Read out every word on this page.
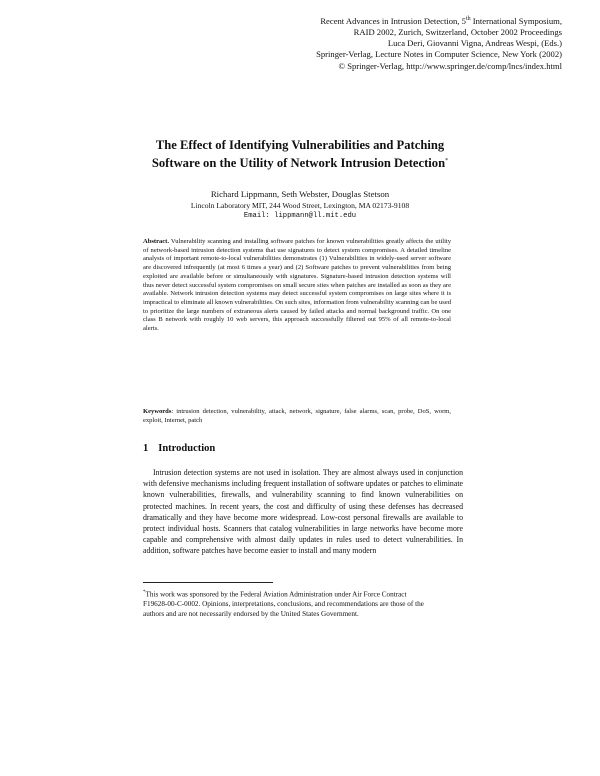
Recent Advances in Intrusion Detection, 5th International Symposium,
RAID 2002, Zurich, Switzerland, October 2002 Proceedings
Luca Deri, Giovanni Vigna, Andreas Wespi, (Eds.)
Springer-Verlag, Lecture Notes in Computer Science, New York (2002)
© Springer-Verlag, http://www.springer.de/comp/lncs/index.html
The Effect of Identifying Vulnerabilities and Patching
Software on the Utility of Network Intrusion Detection*
Richard Lippmann, Seth Webster, Douglas Stetson
Lincoln Laboratory MIT, 244 Wood Street, Lexington, MA 02173-9108
Email: lippmann@ll.mit.edu
Abstract. Vulnerability scanning and installing software patches for known vulnerabilities greatly affects the utility of network-based intrusion detection systems that use signatures to detect system compromises. A detailed timeline analysis of important remote-to-local vulnerabilities demonstrates (1) Vulnerabilities in widely-used server software are discovered infrequently (at most 6 times a year) and (2) Software patches to prevent vulnerabilities from being exploited are available before or simultaneously with signatures. Signature-based intrusion detection systems will thus never detect successful system compromises on small secure sites when patches are installed as soon as they are available. Network intrusion detection systems may detect successful system compromises on large sites where it is impractical to eliminate all known vulnerabilities. On such sites, information from vulnerability scanning can be used to prioritize the large numbers of extraneous alerts caused by failed attacks and normal background traffic. On one class B network with roughly 10 web servers, this approach successfully filtered out 95% of all remote-to-local alerts.
Keywords: intrusion detection, vulnerability, attack, network, signature, false alarms, scan, probe, DoS, worm, exploit, Internet, patch
1 Introduction
Intrusion detection systems are not used in isolation. They are almost always used in conjunction with defensive mechanisms including frequent installation of software updates or patches to eliminate known vulnerabilities, firewalls, and vulnerability scanning to find known vulnerabilities on protected machines. In recent years, the cost and difficulty of using these defenses has decreased dramatically and they have become more widespread. Low-cost personal firewalls are available to protect individual hosts. Scanners that catalog vulnerabilities in large networks have become more capable and comprehensive with almost daily updates in rules used to detect vulnerabilities. In addition, software patches have become easier to install and many modern
*This work was sponsored by the Federal Aviation Administration under Air Force Contract F19628-00-C-0002. Opinions, interpretations, conclusions, and recommendations are those of the authors and are not necessarily endorsed by the United States Government.
